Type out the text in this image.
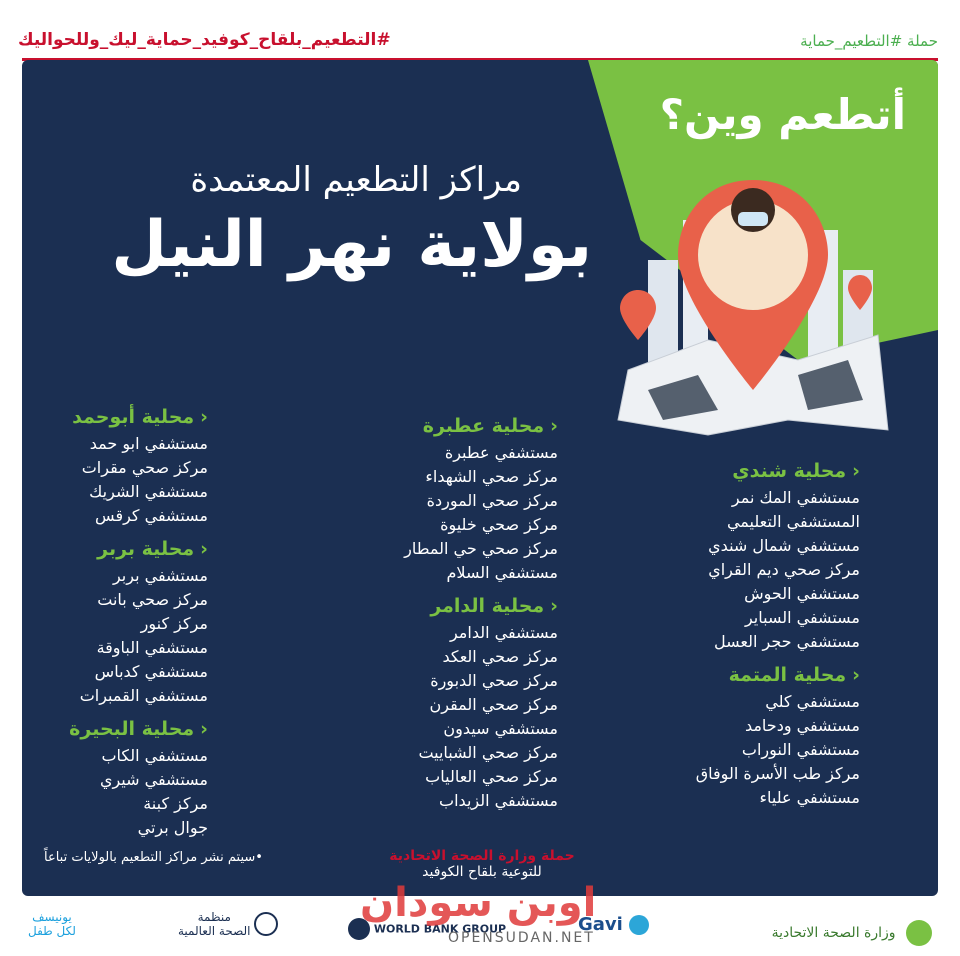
#التطعيم_بلقاح_كوفيد_حماية_ليك_وللحواليك	حملة #التطعيم_حماية
أتطعم وين؟
مراكز التطعيم المعتمدة
بولاية نهر النيل
‹محلية شندي
مستشفي المك نمر
المستشفي التعليمي
مستشفي شمال شندي
مركز صحي ديم القراي
مستشفي الحوش
مستشفي السباير
مستشفي حجر العسل
‹محلية المتمة
مستشفي كلي
مستشفي ودحامد
مستشفي النوراب
مركز طب الأسرة الوفاق
مستشفي علياء
‹محلية عطبرة
مستشفي عطبرة
مركز صحي الشهداء
مركز صحي الموردة
مركز صحي خليوة
مركز صحي حي المطار
مستشفي السلام
‹محلية الدامر
مستشفي الدامر
مركز صحي العكد
مركز صحي الدبورة
مركز صحي المقرن
مستشفي سيدون
مركز صحي الشباييت
مركز صحي العالياب
مستشفي الزيداب
‹محلية أبوحمد
مستشفي ابو حمد
مركز صحي مقرات
مستشفي الشريك
مستشفي كرقس
‹محلية بربر
مستشفي بربر
مركز صحي بانت
مركز كنور
مستشفي الباوقة
مستشفي كدباس
مستشفي القمبرات
‹محلية البحيرة
مستشفي الكاب
مستشفي شيري
مركز كبنة
جوال برتي
•سيتم نشر مراكز التطعيم بالولايات تباعاً	حملة وزارة الصحة الاتحادية
للتوعية بلقاح الكوفيد
يونيسف
لكل طفل

منظمة
الصحة العالمية	WORLD BANK GROUP	Gavi	وزارة الصحة الاتحادية
اوبن سودان
OPENSUDAN.NET
